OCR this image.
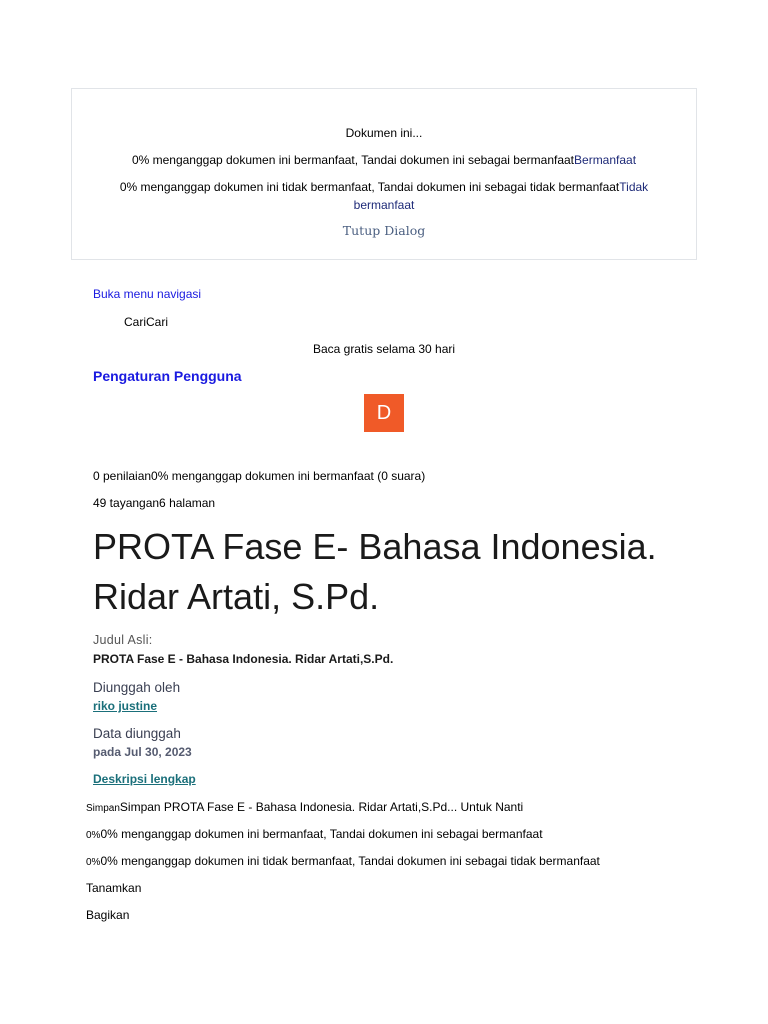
Dokumen ini...
0% menganggap dokumen ini bermanfaat, Tandai dokumen ini sebagai bermanfaatBermanfaat
0% menganggap dokumen ini tidak bermanfaat, Tandai dokumen ini sebagai tidak bermanfaatTidak bermanfaat
Tutup Dialog
Buka menu navigasi
CariCari
Baca gratis selama 30 hari
Pengaturan Pengguna
D
0 penilaian0% menganggap dokumen ini bermanfaat (0 suara)
49 tayangan6 halaman
PROTA Fase E- Bahasa Indonesia. Ridar Artati, S.Pd.
Judul Asli:
PROTA Fase E - Bahasa Indonesia. Ridar Artati,S.Pd.
Diunggah oleh
riko justine
Data diunggah
pada Jul 30, 2023
Deskripsi lengkap
SimpanSimpan PROTA Fase E - Bahasa Indonesia. Ridar Artati,S.Pd... Untuk Nanti
0%0% menganggap dokumen ini bermanfaat, Tandai dokumen ini sebagai bermanfaat
0%0% menganggap dokumen ini tidak bermanfaat, Tandai dokumen ini sebagai tidak bermanfaat
Tanamkan
Bagikan
